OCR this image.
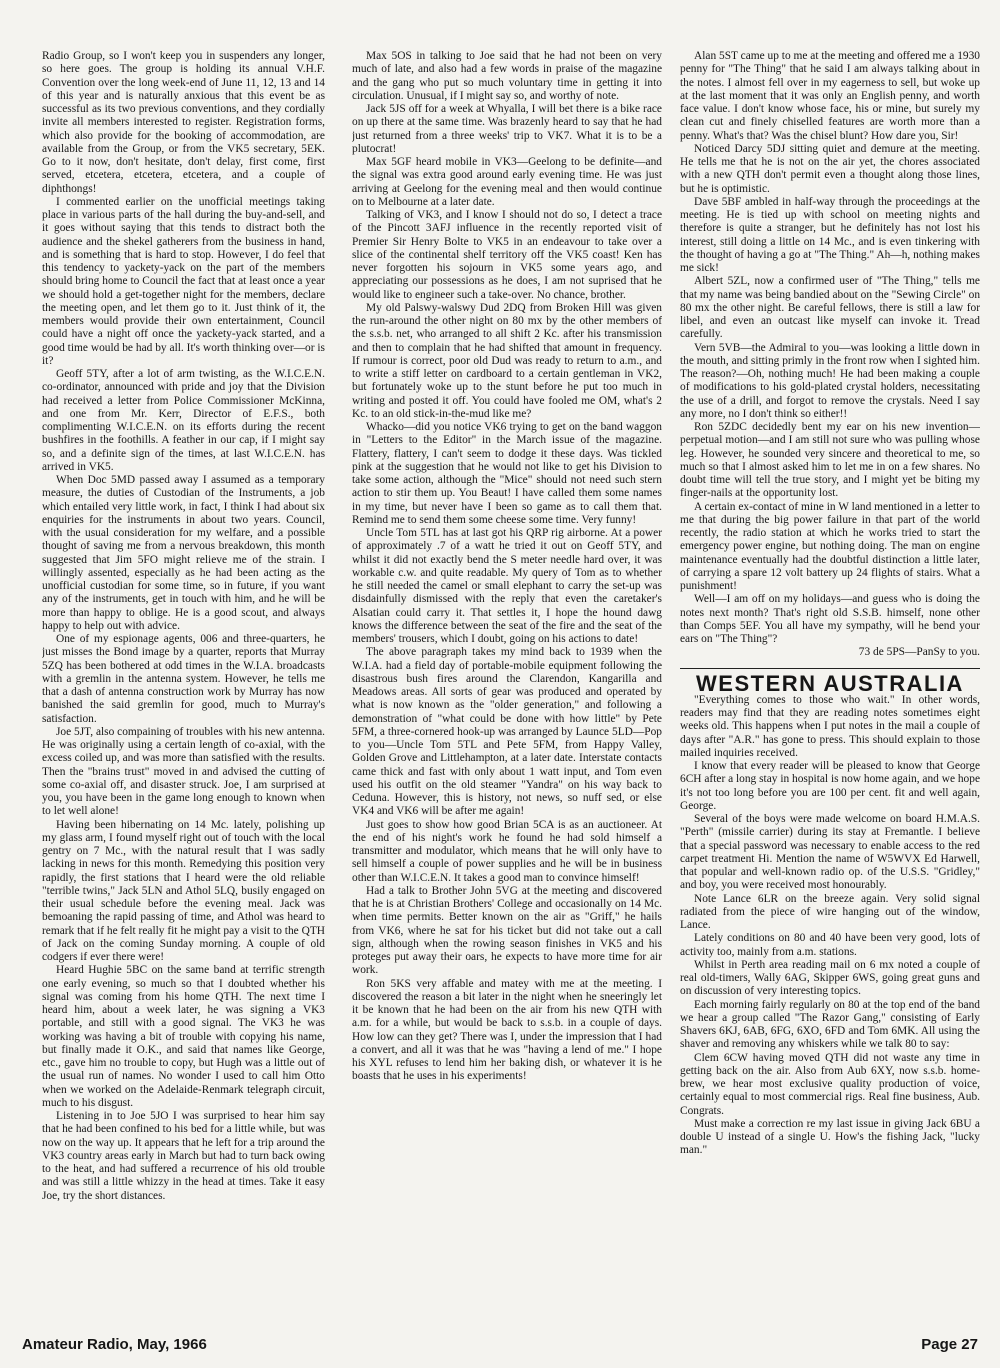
Radio Group, so I won't keep you in suspenders any longer, so here goes. The group is holding its annual V.H.F. Convention over the long week-end of June 11, 12, 13 and 14 of this year and is naturally anxious that this event be as successful as its two previous conventions, and they cordially invite all members interested to register. Registration forms, which also provide for the booking of accommodation, are available from the Group, or from the VK5 secretary, 5EK. Go to it now, don't hesitate, don't delay, first come, first served, etcetera, etcetera, etcetera, and a couple of diphthongs!

I commented earlier on the unofficial meetings taking place in various parts of the hall during the buy-and-sell, and it goes without saying that this tends to distract both the audience and the shekel gatherers from the business in hand, and is something that is hard to stop. However, I do feel that this tendency to yackety-yack on the part of the members should bring home to Council the fact that at least once a year we should hold a get-together night for the members, declare the meeting open, and let them go to it. Just think of it, the members would provide their own entertainment, Council could have a night off once the yackety-yack started, and a good time would be had by all. It's worth thinking over—or is it?

Geoff 5TY, after a lot of arm twisting, as the W.I.C.E.N. co-ordinator, announced with pride and joy that the Division had received a letter from Police Commissioner McKinna, and one from Mr. Kerr, Director of E.F.S., both complimenting W.I.C.E.N. on its efforts during the recent bushfires in the foothills. A feather in our cap, if I might say so, and a definite sign of the times, at last W.I.C.E.N. has arrived in VK5.

When Doc 5MD passed away I assumed as a temporary measure, the duties of Custodian of the Instruments, a job which entailed very little work, in fact, I think I had about six enquiries for the instruments in about two years. Council, with the usual consideration for my welfare, and a possible thought of saving me from a nervous breakdown, this month suggested that Jim 5FO might relieve me of the strain. I willingly assented, especially as he had been acting as the unofficial custodian for some time, so in future, if you want any of the instruments, get in touch with him, and he will be more than happy to oblige. He is a good scout, and always happy to help out with advice.

One of my espionage agents, 006 and three-quarters, he just misses the Bond image by a quarter, reports that Murray 5ZQ has been bothered at odd times in the W.I.A. broadcasts with a gremlin in the antenna system. However, he tells me that a dash of antenna construction work by Murray has now banished the said gremlin for good, much to Murray's satisfaction.

Joe 5JT, also compaining of troubles with his new antenna. He was originally using a certain length of co-axial, with the excess coiled up, and was more than satisfied with the results. Then the "brains trust" moved in and advised the cutting of some co-axial off, and disaster struck. Joe, I am surprised at you, you have been in the game long enough to known when to let well alone!

Having been hibernating on 14 Mc. lately, polishing up my glass arm, I found myself right out of touch with the local gentry on 7 Mc., with the natural result that I was sadly lacking in news for this month. Remedying this position very rapidly, the first stations that I heard were the old reliable "terrible twins," Jack 5LN and Athol 5LQ, busily engaged on their usual schedule before the evening meal. Jack was bemoaning the rapid passing of time, and Athol was heard to remark that if he felt really fit he might pay a visit to the QTH of Jack on the coming Sunday morning. A couple of old codgers if ever there were!

Heard Hughie 5BC on the same band at terrific strength one early evening, so much so that I doubted whether his signal was coming from his home QTH. The next time I heard him, about a week later, he was signing a VK3 portable, and still with a good signal. The VK3 he was working was having a bit of trouble with copying his name, but finally made it O.K., and said that names like George, etc., gave him no trouble to copy, but Hugh was a little out of the usual run of names. No wonder I used to call him Otto when we worked on the Adelaide-Renmark telegraph circuit, much to his disgust.

Listening in to Joe 5JO I was surprised to hear him say that he had been confined to his bed for a little while, but was now on the way up. It appears that he left for a trip around the VK3 country areas early in March but had to turn back owing to the heat, and had suffered a recurrence of his old trouble and was still a little whizzy in the head at times. Take it easy Joe, try the short distances.

Max 5OS in talking to Joe said that he had not been on very much of late, and also had a few words in praise of the magazine and the gang who put so much voluntary time in getting it into circulation. Unusual, if I might say so, and worthy of note.

Jack 5JS off for a week at Whyalla, I will bet there is a bike race on up there at the same time. Was brazenly heard to say that he had just returned from a three weeks' trip to VK7. What it is to be a plutocrat!

Max 5GF heard mobile in VK3—Geelong to be definite—and the signal was extra good around early evening time. He was just arriving at Geelong for the evening meal and then would continue on to Melbourne at a later date.

Talking of VK3, and I know I should not do so, I detect a trace of the Pincott 3AFJ influence in the recently reported visit of Premier Sir Henry Bolte to VK5 in an endeavour to take over a slice of the continental shelf territory off the VK5 coast! Ken has never forgotten his sojourn in VK5 some years ago, and appreciating our possessions as he does, I am not suprised that he would like to engineer such a take-over. No chance, brother.

My old Palswy-walswy Dud 2DQ from Broken Hill was given the run-around the other night on 80 mx by the other members of the s.s.b. net, who arranged to all shift 2 Kc. after his transmission and then to complain that he had shifted that amount in frequency. If rumour is correct, poor old Dud was ready to return to a.m., and to write a stiff letter on cardboard to a certain gentleman in VK2, but fortunately woke up to the stunt before he put too much in writing and posted it off. You could have fooled me OM, what's 2 Kc. to an old stick-in-the-mud like me?

Whacko—did you notice VK6 trying to get on the band waggon in "Letters to the Editor" in the March issue of the magazine. Flattery, flattery, I can't seem to dodge it these days. Was tickled pink at the suggestion that he would not like to get his Division to take some action, although the "Mice" should not need such stern action to stir them up. You Beaut! I have called them some names in my time, but never have I been so game as to call them that. Remind me to send them some cheese some time. Very funny!

Uncle Tom 5TL has at last got his QRP rig airborne. At a power of approximately .7 of a watt he tried it out on Geoff 5TY, and whilst it did not exactly bend the S meter needle hard over, it was workable c.w. and quite readable. My query of Tom as to whether he still needed the camel or small elephant to carry the set-up was disdainfully dismissed with the reply that even the caretaker's Alsatian could carry it. That settles it, I hope the hound dawg knows the difference between the seat of the fire and the seat of the members' trousers, which I doubt, going on his actions to date!

The above paragraph takes my mind back to 1939 when the W.I.A. had a field day of portable-mobile equipment following the disastrous bush fires around the Clarendon, Kangarilla and Meadows areas. All sorts of gear was produced and operated by what is now known as the "older generation," and following a demonstration of "what could be done with how little" by Pete 5FM, a three-cornered hook-up was arranged by Launce 5LD—Pop to you—Uncle Tom 5TL and Pete 5FM, from Happy Valley, Golden Grove and Littlehampton, at a later date. Interstate contacts came thick and fast with only about 1 watt input, and Tom even used his outfit on the old steamer "Yandra" on his way back to Ceduna. However, this is history, not news, so nuff sed, or else VK4 and VK6 will be after me again!

Just goes to show how good Brian 5CA is as an auctioneer. At the end of his night's work he found he had sold himself a transmitter and modulator, which means that he will only have to sell himself a couple of power supplies and he will be in business other than W.I.C.E.N. It takes a good man to convince himself!

Had a talk to Brother John 5VG at the meeting and discovered that he is at Christian Brothers' College and occasionally on 14 Mc. when time permits. Better known on the air as "Griff," he hails from VK6, where he sat for his ticket but did not take out a call sign, although when the rowing season finishes in VK5 and his proteges put away their oars, he expects to have more time for air work.

Ron 5KS very affable and matey with me at the meeting. I discovered the reason a bit later in the night when he sneeringly let it be known that he had been on the air from his new QTH with a.m. for a while, but would be back to s.s.b. in a couple of days. How low can they get? There was I, under the impression that I had a convert, and all it was that he was "having a lend of me." I hope his XYL refuses to lend him her baking dish, or whatever it is he boasts that he uses in his experiments!

Alan 5ST came up to me at the meeting and offered me a 1930 penny for "The Thing" that he said I am always talking about in the notes. I almost fell over in my eagerness to sell, but woke up at the last moment that it was only an English penny, and worth face value. I don't know whose face, his or mine, but surely my clean cut and finely chiselled features are worth more than a penny. What's that? Was the chisel blunt? How dare you, Sir!

Noticed Darcy 5DJ sitting quiet and demure at the meeting. He tells me that he is not on the air yet, the chores associated with a new QTH don't permit even a thought along those lines, but he is optimistic.

Dave 5BF ambled in half-way through the proceedings at the meeting. He is tied up with school on meeting nights and therefore is quite a stranger, but he definitely has not lost his interest, still doing a little on 14 Mc., and is even tinkering with the thought of having a go at "The Thing." Ah—h, nothing makes me sick!

Albert 5ZL, now a confirmed user of "The Thing," tells me that my name was being bandied about on the "Sewing Circle" on 80 mx the other night. Be careful fellows, there is still a law for libel, and even an outcast like myself can invoke it. Tread carefully.

Vern 5VB—the Admiral to you—was looking a little down in the mouth, and sitting primly in the front row when I sighted him. The reason?—Oh, nothing much! He had been making a couple of modifications to his gold-plated crystal holders, necessitating the use of a drill, and forgot to remove the crystals. Need I say any more, no I don't think so either!!

Ron 5ZDC decidedly bent my ear on his new invention—perpetual motion—and I am still not sure who was pulling whose leg. However, he sounded very sincere and theoretical to me, so much so that I almost asked him to let me in on a few shares. No doubt time will tell the true story, and I might yet be biting my finger-nails at the opportunity lost.

A certain ex-contact of mine in W land mentioned in a letter to me that during the big power failure in that part of the world recently, the radio station at which he works tried to start the emergency power engine, but nothing doing. The man on engine maintenance eventually had the doubtful distinction a little later, of carrying a spare 12 volt battery up 24 flights of stairs. What a punishment!

Well—I am off on my holidays—and guess who is doing the notes next month? That's right old S.S.B. himself, none other than Comps 5EF. You all have my sympathy, will he bend your ears on "The Thing"?

73 de 5PS—PanSy to you.

WESTERN AUSTRALIA

"Everything comes to those who wait." In other words, readers may find that they are reading notes sometimes eight weeks old. This happens when I put notes in the mail a couple of days after "A.R." has gone to press. This should explain to those mailed inquiries received.

I know that every reader will be pleased to know that George 6CH after a long stay in hospital is now home again, and we hope it's not too long before you are 100 per cent. fit and well again, George.

Several of the boys were made welcome on board H.M.A.S. "Perth" (missile carrier) during its stay at Fremantle. I believe that a special password was necessary to enable access to the red carpet treatment Hi. Mention the name of W5WVX Ed Harwell, that popular and well-known radio op. of the U.S.S. "Gridley," and boy, you were received most honourably.

Note Lance 6LR on the breeze again. Very solid signal radiated from the piece of wire hanging out of the window, Lance.

Lately conditions on 80 and 40 have been very good, lots of activity too, mainly from a.m. stations.

Whilst in Perth area reading mail on 6 mx noted a couple of real old-timers, Wally 6AG, Skipper 6WS, going great guns and on discussion of very interesting topics.

Each morning fairly regularly on 80 at the top end of the band we hear a group called "The Razor Gang," consisting of Early Shavers 6KJ, 6AB, 6FG, 6XO, 6FD and Tom 6MK. All using the shaver and removing any whiskers while we talk 80 to say:

Clem 6CW having moved QTH did not waste any time in getting back on the air. Also from Aub 6XY, now s.s.b. home-brew, we hear most exclusive quality production of voice, certainly equal to most commercial rigs. Real fine business, Aub. Congrats.

Must make a correction re my last issue in giving Jack 6BU a double U instead of a single U. How's the fishing Jack, "lucky man."

Amateur Radio, May, 1966	Page 27
